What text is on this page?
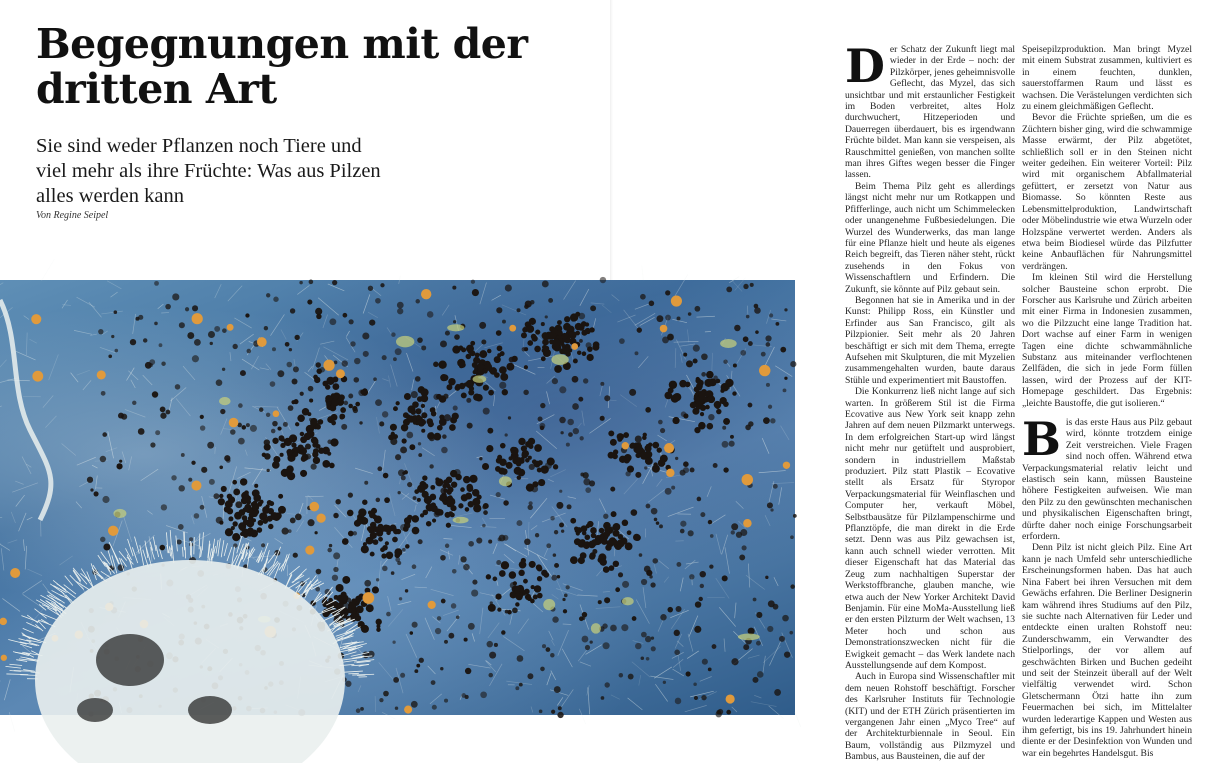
Begegnungen mit der dritten Art
Sie sind weder Pflanzen noch Tiere und viel mehr als ihre Früchte: Was aus Pilzen alles werden kann

Von Regine Seipel

D er Schatz der Zukunft liegt mal wieder in der Erde – noch: der Pilzkörper, jenes geheimnisvolle Geflecht, das Myzel, das sich unsichtbar und mit erstaunlicher Festigkeit im Boden verbreitet, altes Holz durchwuchert, Hitzeperioden und Dauerregen überdauert, bis es irgendwann Früchte bildet. Man kann sie verspeisen, als Rauschmittel genießen, von manchen sollte man ihres Giftes wegen besser die Finger lassen.

Beim Thema Pilz geht es allerdings längst nicht mehr nur um Rotkappen und Pfifferlinge, auch nicht um Schimmelecken oder unangenehme Fußbesiedelungen. Die Wurzel des Wunderwerks, das man lange für eine Pflanze hielt und heute als eigenes Reich begreift, das Tieren näher steht, rückt zusehends in den Fokus von Wissenschaftlern und Erfindern. Die Zukunft, sie könnte auf Pilz gebaut sein.

Begonnen hat sie in Amerika und in der Kunst: Philipp Ross, ein Künstler und Erfinder aus San Francisco, gilt als Pilzpionier. Seit mehr als 20 Jahren beschäftigt er sich mit dem Thema, erregte Aufsehen mit Skulpturen, die mit Myzelien zusammengehalten wurden, baute daraus Stühle und experimentiert mit Baustoffen.

Die Konkurrenz ließ nicht lange auf sich warten. In größerem Stil ist die Firma Ecovative aus New York seit knapp zehn Jahren auf dem neuen Pilzmarkt unterwegs. In dem erfolgreichen Start-up wird längst nicht mehr nur getüftelt und ausprobiert, sondern in industriellem Maßstab produziert. Pilz statt Plastik – Ecovative stellt als Ersatz für Styropor Verpackungsmaterial für Weinflaschen und Computer her, verkauft Möbel, Selbstbausätze für Pilzlampenschirme und Pflanztöpfe, die man direkt in die Erde setzt. Denn was aus Pilz gewachsen ist, kann auch schnell wieder verrotten. Mit dieser Eigenschaft hat das Material das Zeug zum nachhaltigen Superstar der Werkstoffbranche, glauben manche, wie etwa auch der New Yorker Architekt David Benjamin. Für eine MoMa-Ausstellung ließ er den ersten Pilzturm der Welt wachsen, 13 Meter hoch und schon aus Demonstrationszwecken nicht für die Ewigkeit gemacht – das Werk landete nach Ausstellungsende auf dem Kompost.

Auch in Europa sind Wissenschaftler mit dem neuen Rohstoff beschäftigt. Forscher des Karlsruher Instituts für Technologie (KIT) und der ETH Zürich präsentierten im vergangenen Jahr einen „Myco Tree“ auf der Architekturbiennale in Seoul. Ein Baum, vollständig aus Pilzmyzel und Bambus, aus Bausteinen, die auf der

Speisepilzproduktion. Man bringt Myzel mit einem Substrat zusammen, kultiviert es in einem feuchten, dunklen, sauerstoffarmen Raum und lässt es wachsen. Die Verästelungen verdichten sich zu einem gleichmäßigen Geflecht.

Bevor die Früchte sprießen, um die es Züchtern bisher ging, wird die schwammige Masse erwärmt, der Pilz abgetötet, schließlich soll er in den Steinen nicht weiter gedeihen. Ein weiterer Vorteil: Pilz wird mit organischem Abfallmaterial gefüttert, er zersetzt von Natur aus Biomasse. So könnten Reste aus Lebensmittelproduktion, Landwirtschaft oder Möbelindustrie wie etwa Wurzeln oder Holzspäne verwertet werden. Anders als etwa beim Biodiesel würde das Pilzfutter keine Anbauflächen für Nahrungsmittel verdrängen.

Im kleinen Stil wird die Herstellung solcher Bausteine schon erprobt. Die Forscher aus Karlsruhe und Zürich arbeiten mit einer Firma in Indonesien zusammen, wo die Pilzzucht eine lange Tradition hat. Dort wachse auf einer Farm in wenigen Tagen eine dichte schwammähnliche Substanz aus miteinander verflochtenen Zellfäden, die sich in jede Form füllen lassen, wird der Prozess auf der KIT-Homepage geschildert. Das Ergebnis: „leichte Baustoffe, die gut isolieren.“

B is das erste Haus aus Pilz gebaut wird, könnte trotzdem einige Zeit verstreichen. Viele Fragen sind noch offen. Während etwa Verpackungsmaterial relativ leicht und elastisch sein kann, müssen Bausteine höhere Festigkeiten aufweisen. Wie man den Pilz zu den gewünschten mechanischen und physikalischen Eigenschaften bringt, dürfte daher noch einige Forschungsarbeit erfordern.

Denn Pilz ist nicht gleich Pilz. Eine Art kann je nach Umfeld sehr unterschiedliche Erscheinungsformen haben. Das hat auch Nina Fabert bei ihren Versuchen mit dem Gewächs erfahren. Die Berliner Designerin kam während ihres Studiums auf den Pilz, sie suchte nach Alternativen für Leder und entdeckte einen uralten Rohstoff neu: Zunderschwamm, ein Verwandter des Stielporlings, der vor allem auf geschwächten Birken und Buchen gedeiht und seit der Steinzeit überall auf der Welt vielfältig verwendet wird. Schon Gletschermann Ötzi hatte ihn zum Feuermachen bei sich, im Mittelalter wurden lederartige Kappen und Westen aus ihm gefertigt, bis ins 19. Jahrhundert hinein diente er der Desinfektion von Wunden und war ein begehrtes Handelsgut. Bis
